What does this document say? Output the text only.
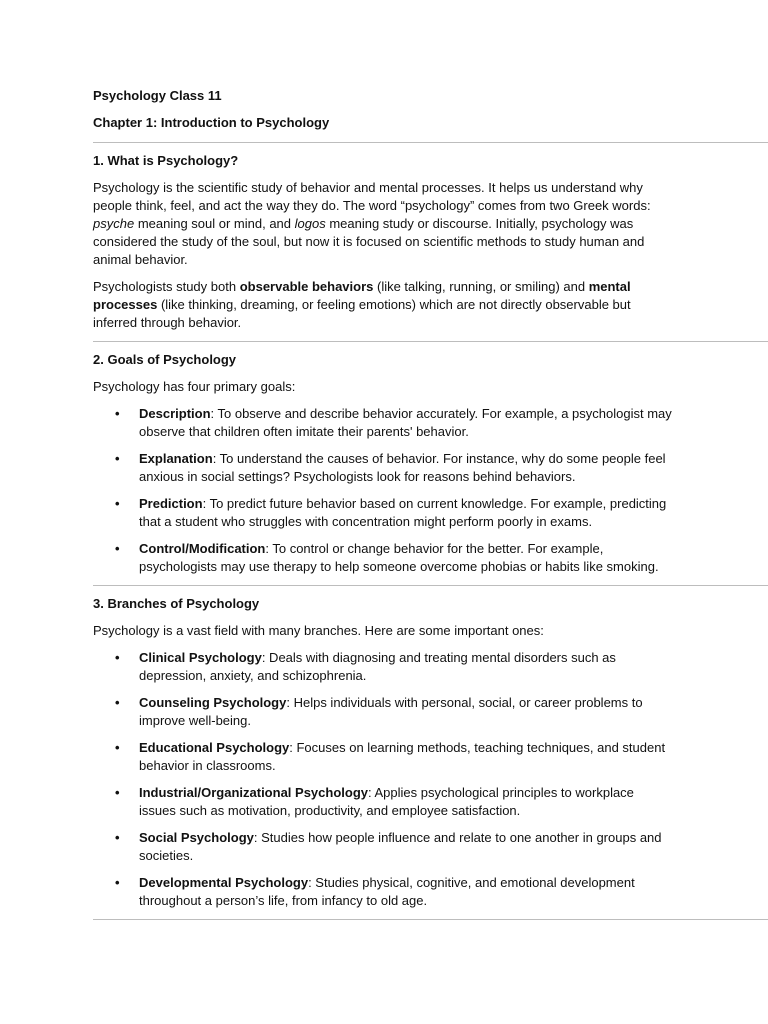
Psychology Class 11

Chapter 1: Introduction to Psychology

1. What is Psychology?

Psychology is the scientific study of behavior and mental processes. It helps us understand why people think, feel, and act the way they do. The word “psychology” comes from two Greek words: psyche meaning soul or mind, and logos meaning study or discourse. Initially, psychology was considered the study of the soul, but now it is focused on scientific methods to study human and animal behavior.

Psychologists study both observable behaviors (like talking, running, or smiling) and mental processes (like thinking, dreaming, or feeling emotions) which are not directly observable but inferred through behavior.

2. Goals of Psychology

Psychology has four primary goals:

• Description: To observe and describe behavior accurately. For example, a psychologist may observe that children often imitate their parents' behavior.
• Explanation: To understand the causes of behavior. For instance, why do some people feel anxious in social settings? Psychologists look for reasons behind behaviors.
• Prediction: To predict future behavior based on current knowledge. For example, predicting that a student who struggles with concentration might perform poorly in exams.
• Control/Modification: To control or change behavior for the better. For example, psychologists may use therapy to help someone overcome phobias or habits like smoking.

3. Branches of Psychology

Psychology is a vast field with many branches. Here are some important ones:

• Clinical Psychology: Deals with diagnosing and treating mental disorders such as depression, anxiety, and schizophrenia.
• Counseling Psychology: Helps individuals with personal, social, or career problems to improve well-being.
• Educational Psychology: Focuses on learning methods, teaching techniques, and student behavior in classrooms.
• Industrial/Organizational Psychology: Applies psychological principles to workplace issues such as motivation, productivity, and employee satisfaction.
• Social Psychology: Studies how people influence and relate to one another in groups and societies.
• Developmental Psychology: Studies physical, cognitive, and emotional development throughout a person’s life, from infancy to old age.
